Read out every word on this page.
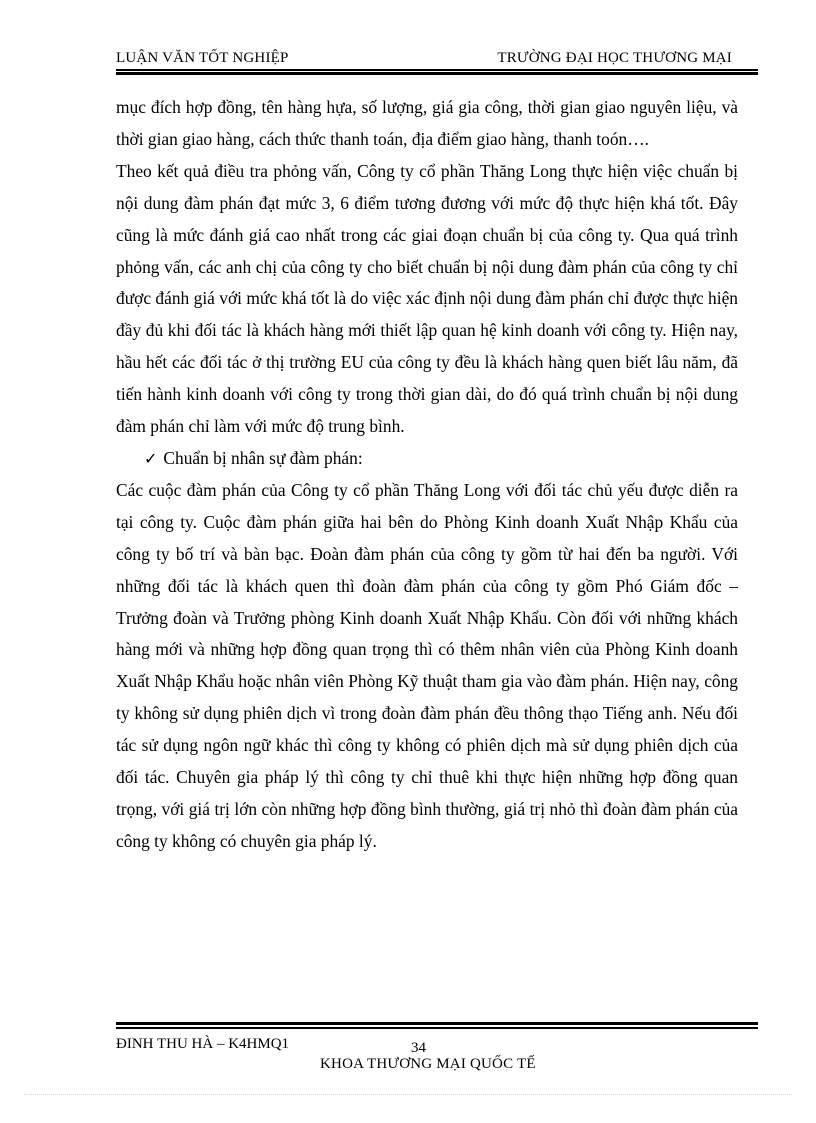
LUẬN VĂN TỐT NGHIỆP	TRƯỜNG ĐẠI HỌC THƯƠNG MẠI

mục đích hợp đồng, tên hàng hựa, số lượng, giá gia công, thời gian giao nguyên liệu, và thời gian giao hàng, cách thức thanh toán, địa điểm giao hàng, thanh toón….

Theo kết quả điều tra phỏng vấn, Công ty cổ phần Thăng Long thực hiện việc chuẩn bị nội dung đàm phán đạt mức 3, 6 điểm tương đương với mức độ thực hiện khá tốt. Đây cũng là mức đánh giá cao nhất trong các giai đoạn chuẩn bị của công ty. Qua quá trình phỏng vấn, các anh chị của công ty cho biết chuẩn bị nội dung đàm phán của công ty chỉ được đánh giá với mức khá tốt là do việc xác định nội dung đàm phán chỉ được thực hiện đầy đủ khi đối tác là khách hàng mới thiết lập quan hệ kinh doanh với công ty. Hiện nay, hầu hết các đối tác ở thị trường EU của công ty đều là khách hàng quen biết lâu năm, đã tiến hành kinh doanh với công ty trong thời gian dài, do đó quá trình chuẩn bị nội dung đàm phán chỉ làm với mức độ trung bình.

✓ Chuẩn bị nhân sự đàm phán:

Các cuộc đàm phán của Công ty cổ phần Thăng Long với đối tác chủ yếu được diễn ra tại công ty. Cuộc đàm phán giữa hai bên do Phòng Kinh doanh Xuất Nhập Khẩu của công ty bố trí và bàn bạc. Đoàn đàm phán của công ty gồm từ hai đến ba người. Với những đối tác là khách quen thì đoàn đàm phán của công ty gồm Phó Giám đốc – Trưởng đoàn và Trưởng phòng Kinh doanh Xuất Nhập Khẩu. Còn đối với những khách hàng mới và những hợp đồng quan trọng thì có thêm nhân viên của Phòng Kinh doanh Xuất Nhập Khẩu hoặc nhân viên Phòng Kỹ thuật tham gia vào đàm phán. Hiện nay, công ty không sử dụng phiên dịch vì trong đoàn đàm phán đều thông thạo Tiếng anh. Nếu đối tác sử dụng ngôn ngữ khác thì công ty không có phiên dịch mà sử dụng phiên dịch của đối tác. Chuyên gia pháp lý thì công ty chỉ thuê khi thực hiện những hợp đồng quan trọng, với giá trị lớn còn những hợp đồng bình thường, giá trị nhỏ thì đoàn đàm phán của công ty không có chuyên gia pháp lý.

ĐINH THU HÀ – K4HMQ1	34
KHOA THƯƠNG MẠI QUỐC TẾ
